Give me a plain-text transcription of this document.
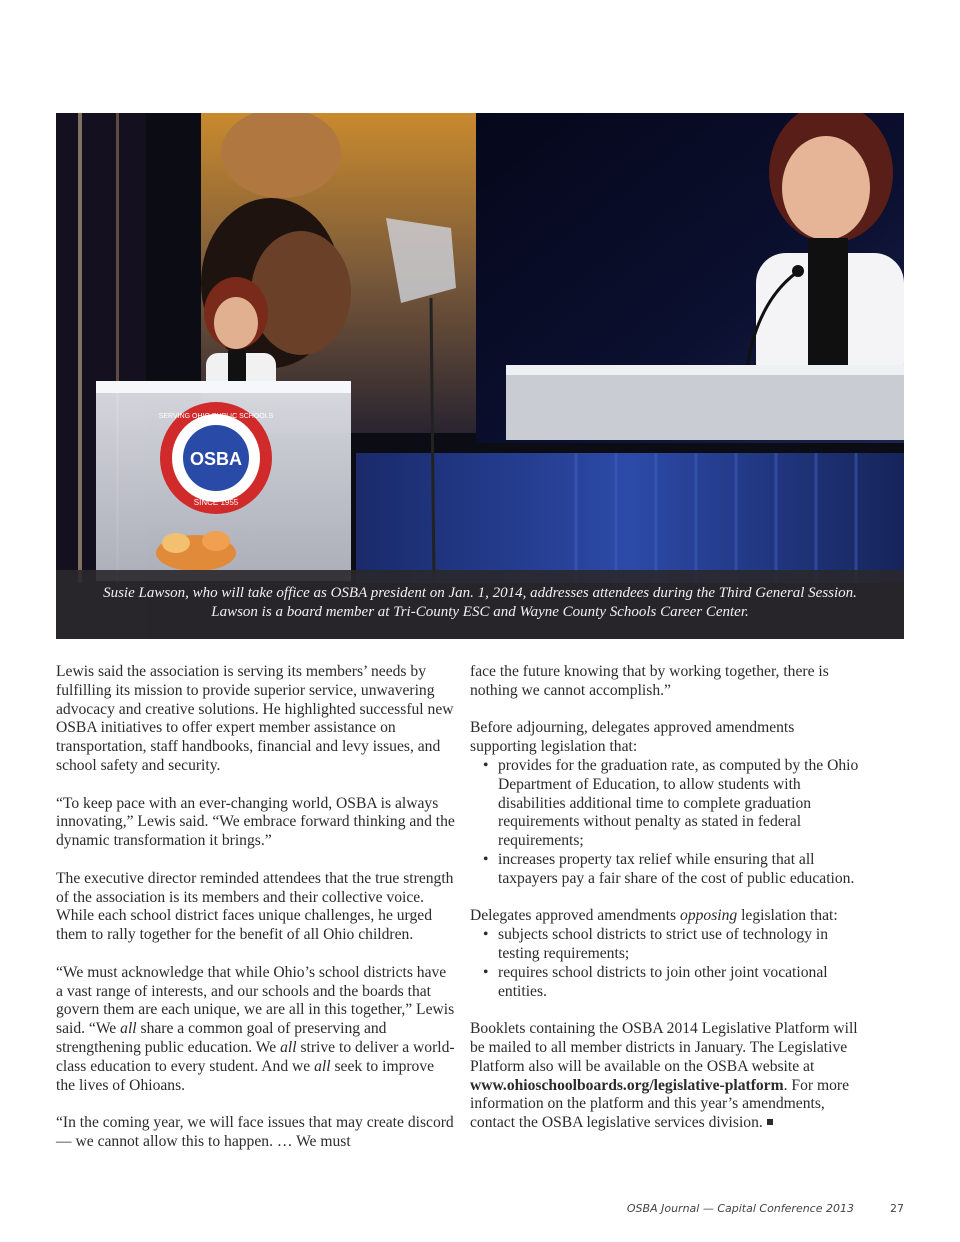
OSBA
SERVING OHIO PUBLIC SCHOOLS
SINCE 1955
Susie Lawson, who will take office as OSBA president on Jan. 1, 2014, addresses attendees during the Third General Session.
Lawson is a board member at Tri-County ESC and Wayne County Schools Career Center.

Lewis said the association is serving its members’ needs by fulfilling its mission to provide superior service, unwavering advocacy and creative solutions. He highlighted successful new OSBA initiatives to offer expert member assistance on transportation, staff handbooks, financial and levy issues, and school safety and security.

“To keep pace with an ever-changing world, OSBA is always innovating,” Lewis said. “We embrace forward thinking and the dynamic transformation it brings.”

The executive director reminded attendees that the true strength of the association is its members and their collective voice. While each school district faces unique challenges, he urged them to rally together for the benefit of all Ohio children.

“We must acknowledge that while Ohio’s school districts have a vast range of interests, and our schools and the boards that govern them are each unique, we are all in this together,” Lewis said. “We all share a common goal of preserving and strengthening public education. We all strive to deliver a world-class education to every student. And we all seek to improve the lives of Ohioans.

“In the coming year, we will face issues that may create discord — we cannot allow this to happen. … We must

face the future knowing that by working together, there is nothing we cannot accomplish.”

Before adjourning, delegates approved amendments supporting legislation that:

• provides for the graduation rate, as computed by the Ohio Department of Education, to allow students with disabilities additional time to complete graduation requirements without penalty as stated in federal requirements;
• increases property tax relief while ensuring that all taxpayers pay a fair share of the cost of public education.

Delegates approved amendments opposing legislation that:

• subjects school districts to strict use of technology in testing requirements;
• requires school districts to join other joint vocational entities.

Booklets containing the OSBA 2014 Legislative Platform will be mailed to all member districts in January. The Legislative Platform also will be available on the OSBA website at www.ohioschoolboards.org/legislative-platform. For more information on the platform and this year’s amendments, contact the OSBA legislative services division.

OSBA Journal — Capital Conference 2013	27
